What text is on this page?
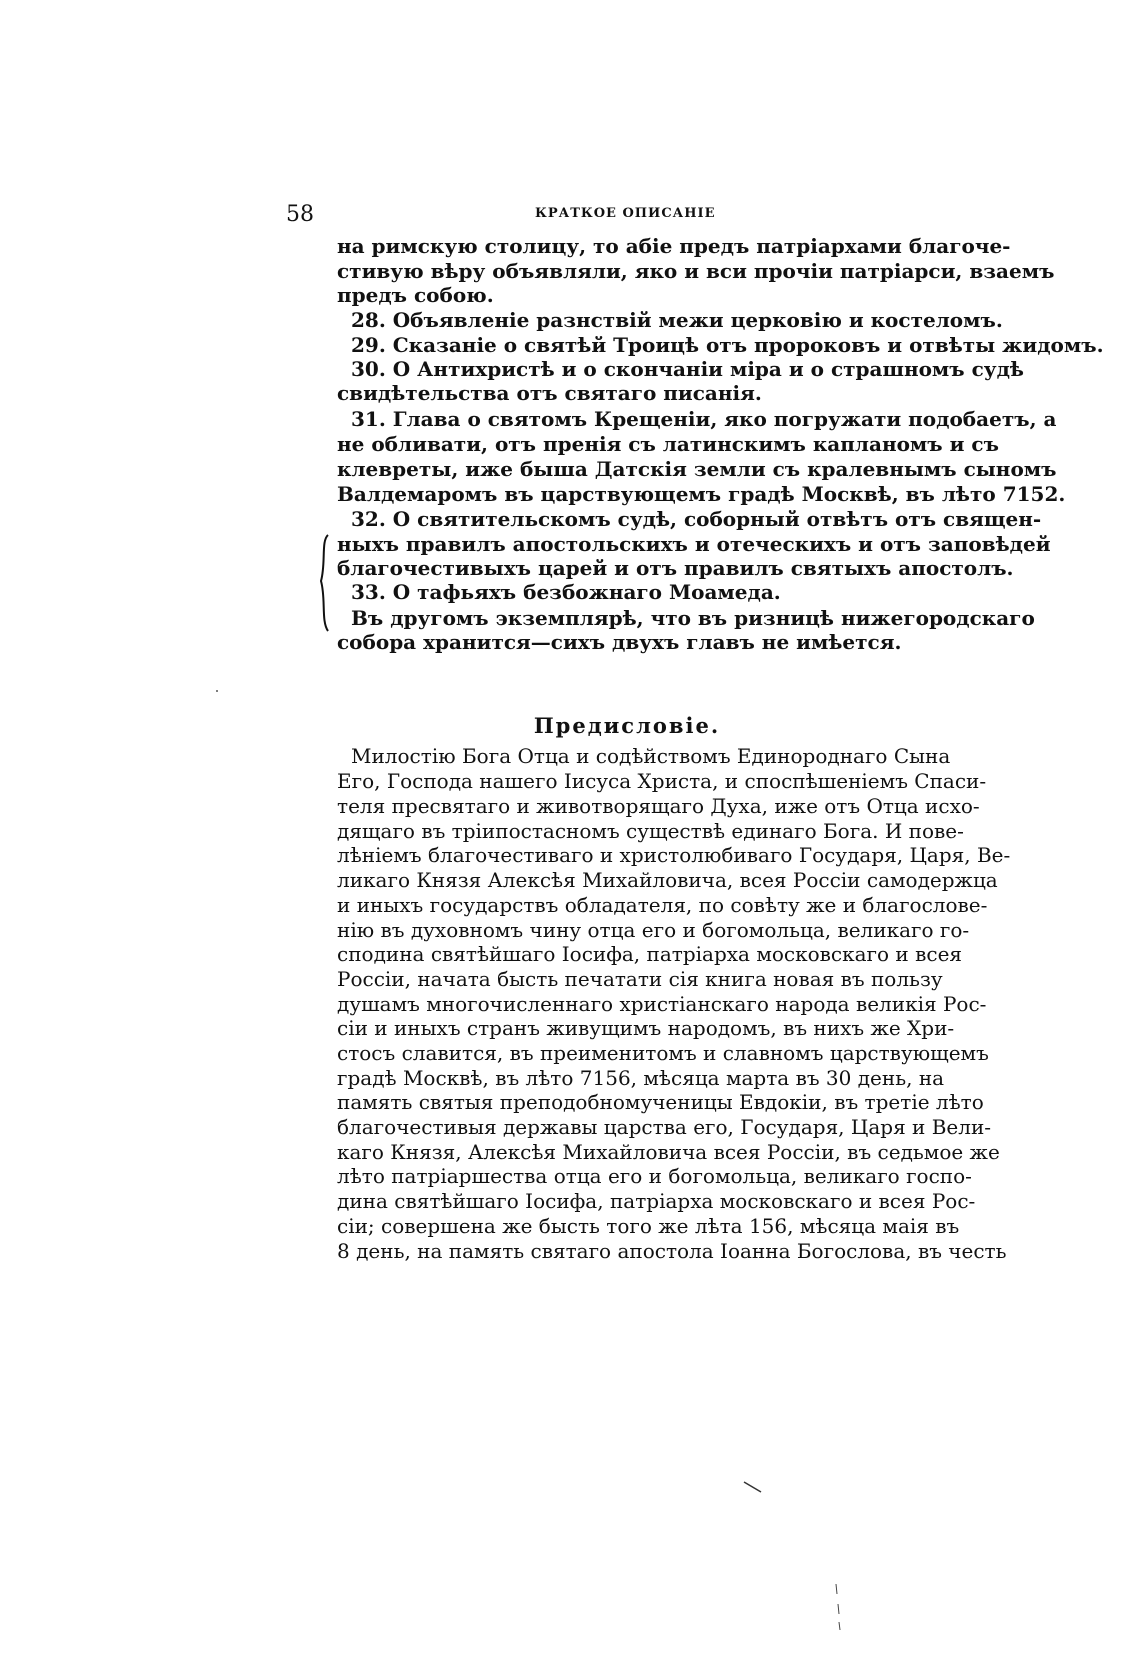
58	КРАТКОЕ ОПИСАНІЕ
на римскую столицу, то абіе предъ патріархами благоче-
стивую вѣру объявляли, яко и вси прочіи патріарси, взаемъ
предъ собою.
28. Объявленіе разнствій межи церковію и костеломъ.
29. Сказаніе о святѣй Троицѣ отъ пророковъ и отвѣты жидомъ.
30. О Антихристѣ и о скончаніи міра и о страшномъ судѣ
свидѣтельства отъ святаго писанія.
31. Глава о святомъ Крещеніи, яко погружати подобаетъ, а
не обливати, отъ пренія съ латинскимъ капланомъ и съ
клевреты, иже быша Датскія земли съ кралевнымъ сыномъ
Валдемаромъ въ царствующемъ градѣ Москвѣ, въ лѣто 7152.
32. О святительскомъ судѣ, соборный отвѣтъ отъ священ-
ныхъ правилъ апостольскихъ и отеческихъ и отъ заповѣдей
благочестивыхъ царей и отъ правилъ святыхъ апостолъ.
33. О тафьяхъ безбожнаго Моамеда.
Въ другомъ экземплярѣ, что въ ризницѣ нижегородскаго
собора хранится—сихъ двухъ главъ не имѣется.
Предисловіе.
Милостію Бога Отца и содѣйствомъ Единороднаго Сына
Его, Господа нашего Іисуса Христа, и споспѣшеніемъ Спаси-
теля пресвятаго и животворящаго Духа, иже отъ Отца исхо-
дящаго въ тріипостасномъ существѣ единаго Бога. И пове-
лѣніемъ благочестиваго и христолюбиваго Государя, Царя, Ве-
ликаго Князя Алексѣя Михайловича, всея Россіи самодержца
и иныхъ государствъ обладателя, по совѣту же и благослове-
нію въ духовномъ чину отца его и богомольца, великаго го-
сподина святѣйшаго Іосифа, патріарха московскаго и всея
Россіи, начата бысть печатати сія книга новая въ пользу
душамъ многочисленнаго христіанскаго народа великія Рос-
сіи и иныхъ странъ живущимъ народомъ, въ нихъ же Хри-
стосъ славится, въ преименитомъ и славномъ царствующемъ
градѣ Москвѣ, въ лѣто 7156, мѣсяца марта въ 30 день, на
память святыя преподобномученицы Евдокіи, въ третіе лѣто
благочестивыя державы царства его, Государя, Царя и Вели-
каго Князя, Алексѣя Михайловича всея Россіи, въ седьмое же
лѣто патріаршества отца его и богомольца, великаго госпо-
дина святѣйшаго Іосифа, патріарха московскаго и всея Рос-
сіи; совершена же бысть того же лѣта 156, мѣсяца маія въ
8 день, на память святаго апостола Іоанна Богослова, въ честь
